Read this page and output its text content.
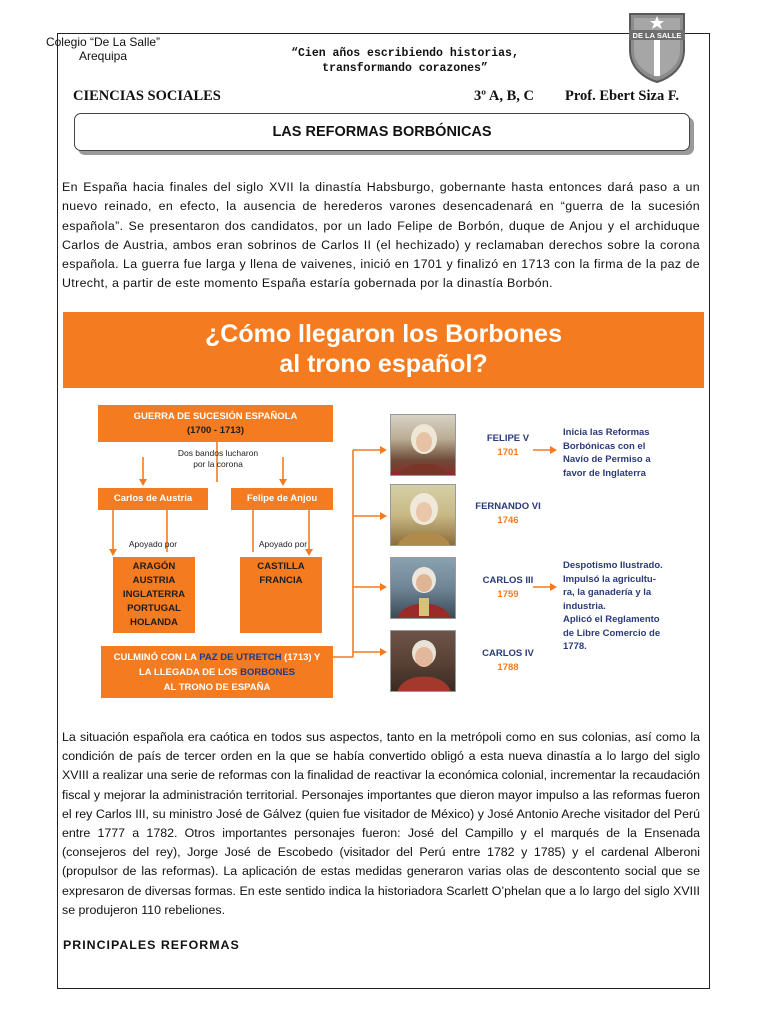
Colegio “De La Salle”
Arequipa	“Cien años escribiendo historias,
transformando corazones”
DE LA SALLE
CIENCIAS SOCIALES	3º A, B, C Prof. Ebert Siza F.
LAS REFORMAS BORBÓNICAS
En España hacia finales del siglo XVII la dinastía Habsburgo, gobernante hasta entonces dará paso a un nuevo reinado, en efecto, la ausencia de herederos varones desencadenará en “guerra de la sucesión española”. Se presentaron dos candidatos, por un lado Felipe de Borbón, duque de Anjou y el archiduque Carlos de Austria, ambos eran sobrinos de Carlos II (el hechizado) y reclamaban derechos sobre la corona española. La guerra fue larga y llena de vaivenes, inició en 1701 y finalizó en 1713 con la firma de la paz de Utrecht, a partir de este momento España estaría gobernada por la dinastía Borbón.
¿Cómo llegaron los Borbones
al trono español?
GUERRA DE SUCESIÓN ESPAÑOLA
(1700 - 1713)
Dos bandos lucharon
por la corona
Carlos de Austria	Felipe de Anjou
Apoyado por	Apoyado por
ARAGÓN
AUSTRIA
INGLATERRA
PORTUGAL
HOLANDA
CASTILLA
FRANCIA
CULMINÓ CON LA PAZ DE UTRETCH (1713) Y
LA LLEGADA DE LOS BORBONES
AL TRONO DE ESPAÑA
FELIPE V
1701
FERNANDO VI
1746
CARLOS III
1759
CARLOS IV
1788
Inicia las Reformas
Borbónicas con el
Navío de Permiso a
favor de Inglaterra
Despotismo Ilustrado.
Impulsó la agricultu-
ra, la ganadería y la
industria.
Aplicó el Reglamento
de Libre Comercio de
1778.
La situación española era caótica en todos sus aspectos, tanto en la metrópoli como en sus colonias, así como la condición de país de tercer orden en la que se había convertido obligó a esta nueva dinastía a lo largo del siglo XVIII a realizar una serie de reformas con la finalidad de reactivar la económica colonial, incrementar la recaudación fiscal y mejorar la administración territorial. Personajes importantes que dieron mayor impulso a las reformas fueron el rey Carlos III, su ministro José de Gálvez (quien fue visitador de México) y José Antonio Areche visitador del Perú entre 1777 a 1782. Otros importantes personajes fueron: José del Campillo y el marqués de la Ensenada (consejeros del rey), Jorge José de Escobedo (visitador del Perú entre 1782 y 1785) y el cardenal Alberoni (propulsor de las reformas). La aplicación de estas medidas generaron varias olas de descontento social que se expresaron de diversas formas. En este sentido indica la historiadora Scarlett O’phelan que a lo largo del siglo XVIII se produjeron 110 rebeliones.
PRINCIPALES REFORMAS
